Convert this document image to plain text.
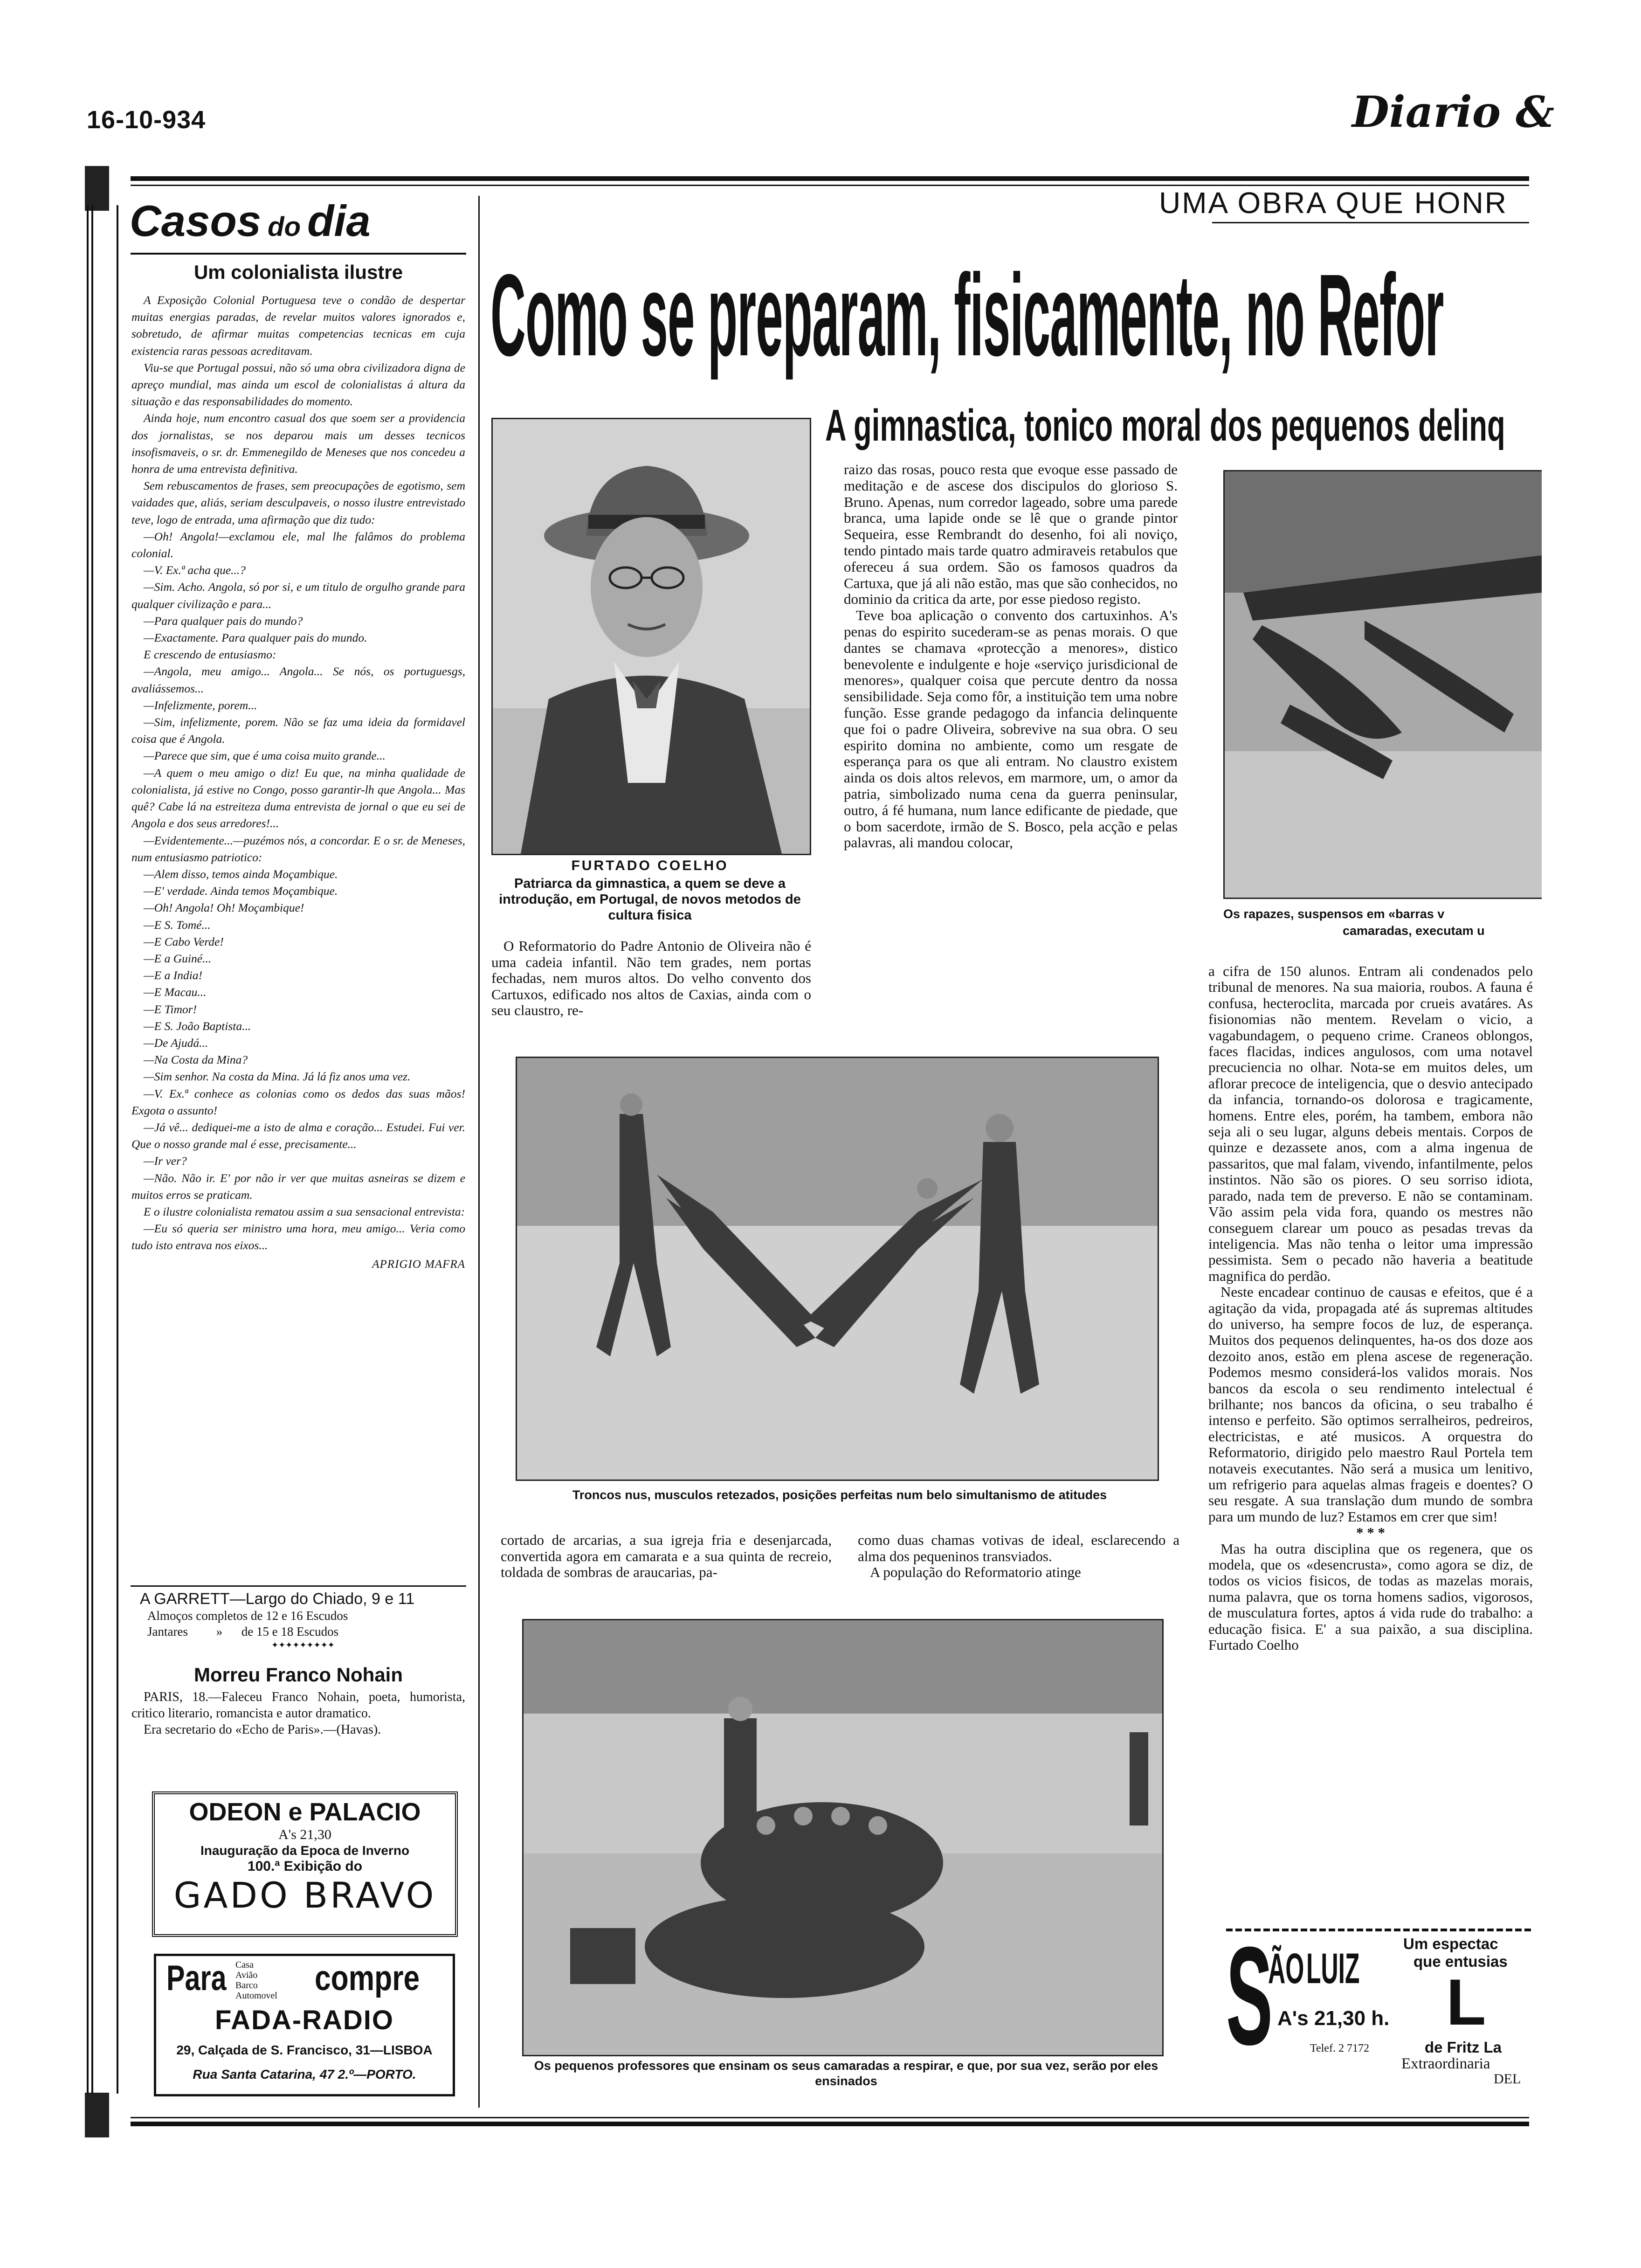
16-10-934	Diario &
Casos do dia
Um colonialista ilustre

A Exposição Colonial Portuguesa teve o condão de despertar muitas energias paradas, de revelar muitos valores ignorados e, sobretudo, de afirmar muitas competencias tecnicas em cuja existencia raras pessoas acreditavam.

Viu-se que Portugal possui, não só uma obra civilizadora digna de apreço mundial, mas ainda um escol de colonialistas á altura da situação e das responsabilidades do momento.

Ainda hoje, num encontro casual dos que soem ser a providencia dos jornalistas, se nos deparou mais um desses tecnicos insofismaveis, o sr. dr. Emmenegildo de Meneses que nos concedeu a honra de uma entrevista definitiva.

Sem rebuscamentos de frases, sem preocupações de egotismo, sem vaidades que, aliás, seriam desculpaveis, o nosso ilustre entrevistado teve, logo de entrada, uma afirmação que diz tudo:

—Oh! Angola!—exclamou ele, mal lhe falâmos do problema colonial.

—V. Ex.ª acha que...?

—Sim. Acho. Angola, só por si, e um titulo de orgulho grande para qualquer civilização e para...

—Para qualquer pais do mundo?

—Exactamente. Para qualquer pais do mundo.

E crescendo de entusiasmo:

—Angola, meu amigo... Angola... Se nós, os portuguesgs, avaliássemos...

—Infelizmente, porem...

—Sim, infelizmente, porem. Não se faz uma ideia da formidavel coisa que é Angola.

—Parece que sim, que é uma coisa muito grande...

—A quem o meu amigo o diz! Eu que, na minha qualidade de colonialista, já estive no Congo, posso garantir-lh que Angola... Mas quê? Cabe lá na estreiteza duma entrevista de jornal o que eu sei de Angola e dos seus arredores!...

—Evidentemente...—puzémos nós, a concordar. E o sr. de Meneses, num entusiasmo patriotico:

—Alem disso, temos ainda Moçambique.

—E' verdade. Ainda temos Moçambique.

—Oh! Angola! Oh! Moçambique!

—E S. Tomé...

—E Cabo Verde!

—E a Guiné...

—E a India!

—E Macau...

—E Timor!

—E S. João Baptista...

—De Ajudá...

—Na Costa da Mina?

—Sim senhor. Na costa da Mina. Já lá fiz anos uma vez.

—V. Ex.ª conhece as colonias como os dedos das suas mãos! Exgota o assunto!

—Já vê... dediquei-me a isto de alma e coração... Estudei. Fui ver. Que o nosso grande mal é esse, precisamente...

—Ir ver?

—Não. Não ir. E' por não ir ver que muitas asneiras se dizem e muitos erros se praticam.

E o ilustre colonialista rematou assim a sua sensacional entrevista:

—Eu só queria ser ministro uma hora, meu amigo... Veria como tudo isto entrava nos eixos...

APRIGIO MAFRA
A GARRETT—Largo do Chiado, 9 e 11
Almoços completos de 12 e 16 Escudos
Jantares         »      de 15 e 18 Escudos
✦✦✦✦✦✦✦✦✦
Morreu Franco Nohain

PARIS, 18.—Faleceu Franco Nohain, poeta, humorista, critico literario, romancista e autor dramatico.

Era secretario do «Echo de Paris».—(Havas).

ODEON e PALACIO
A's 21,30
Inauguração da Epoca de Inverno
100.ª Exibição do
GADO BRAVO
Para Casa
Avião
Barco
Automovel compre
FADA-RADIO
29, Calçada de S. Francisco, 31—LISBOA
Rua Santa Catarina, 47 2.º—PORTO.
UMA OBRA QUE HONR
Como se preparam, fisicamente, no Refor
A gimnastica, tonico moral dos pequenos delinq
FURTADO COELHO
Patriarca da gimnastica, a quem se deve a introdução, em Portugal, de novos metodos de cultura fisica

O Reformatorio do Padre Antonio de Oliveira não é uma cadeia infantil. Não tem grades, nem portas fechadas, nem muros altos. Do velho convento dos Cartuxos, edificado nos altos de Caxias, ainda com o seu claustro, re-

raizo das rosas, pouco resta que evoque esse passado de meditação e de ascese dos discipulos do glorioso S. Bruno. Apenas, num corredor lageado, sobre uma parede branca, uma lapide onde se lê que o grande pintor Sequeira, esse Rembrandt do desenho, foi ali noviço, tendo pintado mais tarde quatro admiraveis retabulos que ofereceu á sua ordem. São os famosos quadros da Cartuxa, que já ali não estão, mas que são conhecidos, no dominio da critica da arte, por esse piedoso registo.

Teve boa aplicação o convento dos cartuxinhos. A's penas do espirito sucederam-se as penas morais. O que dantes se chamava «protecção a menores», distico benevolente e indulgente e hoje «serviço jurisdicional de menores», qualquer coisa que percute dentro da nossa sensibilidade. Seja como fôr, a instituição tem uma nobre função. Esse grande pedagogo da infancia delinquente que foi o padre Oliveira, sobrevive na sua obra. O seu espirito domina no ambiente, como um resgate de esperança para os que ali entram. No claustro existem ainda os dois altos relevos, em marmore, um, o amor da patria, simbolizado numa cena da guerra peninsular, outro, á fé humana, num lance edificante de piedade, que o bom sacerdote, irmão de S. Bosco, pela acção e pelas palavras, ali mandou colocar,

Troncos nus, musculos retezados, posições perfeitas num belo simultanismo de atitudes

cortado de arcarias, a sua igreja fria e desenjarcada, convertida agora em camarata e a sua quinta de recreio, toldada de sombras de araucarias, pa-

como duas chamas votivas de ideal, esclarecendo a alma dos pequeninos transviados.

A população do Reformatorio atinge

Os pequenos professores que ensinam os seus camaradas a respirar, e que, por sua vez, serão por eles ensinados
Os rapazes, suspensos em «barras v
camaradas, executam u

a cifra de 150 alunos. Entram ali condenados pelo tribunal de menores. Na sua maioria, roubos. A fauna é confusa, hecteroclita, marcada por crueis avatáres. As fisionomias não mentem. Revelam o vicio, a vagabundagem, o pequeno crime. Craneos oblongos, faces flacidas, indices angulosos, com uma notavel precuciencia no olhar. Nota-se em muitos deles, um aflorar precoce de inteligencia, que o desvio antecipado da infancia, tornando-os dolorosa e tragicamente, homens. Entre eles, porém, ha tambem, embora não seja ali o seu lugar, alguns debeis mentais. Corpos de quinze e dezassete anos, com a alma ingenua de passaritos, que mal falam, vivendo, infantilmente, pelos instintos. Não são os piores. O seu sorriso idiota, parado, nada tem de preverso. E não se contaminam. Vão assim pela vida fora, quando os mestres não conseguem clarear um pouco as pesadas trevas da inteligencia. Mas não tenha o leitor uma impressão pessimista. Sem o pecado não haveria a beatitude magnifica do perdão.

Neste encadear continuo de causas e efeitos, que é a agitação da vida, propagada até ás supremas altitudes do universo, ha sempre focos de luz, de esperança. Muitos dos pequenos delinquentes, ha-os dos doze aos dezoito anos, estão em plena ascese de regeneração. Podemos mesmo considerá-los validos morais. Nos bancos da escola o seu rendimento intelectual é brilhante; nos bancos da oficina, o seu trabalho é intenso e perfeito. São optimos serralheiros, pedreiros, electricistas, e até musicos. A orquestra do Reformatorio, dirigido pelo maestro Raul Portela tem notaveis executantes. Não será a musica um lenitivo, um refrigerio para aquelas almas frageis e doentes? O seu resgate. A sua translação dum mundo de sombra para um mundo de luz? Estamos em crer que sim!

* * *

Mas ha outra disciplina que os regenera, que os modela, que os «desencrusta», como agora se diz, de todos os vicios fisicos, de todas as mazelas morais, numa palavra, que os torna homens sadios, vigorosos, de musculatura fortes, aptos á vida rude do trabalho: a educação fisica. E' a sua paixão, a sua disciplina. Furtado Coelho

S
ÃO LUIZ
A's 21,30 h.
Telef. 2 7172
Um espectac
que entusias
L
de Fritz La
Extraordinaria
DEL
